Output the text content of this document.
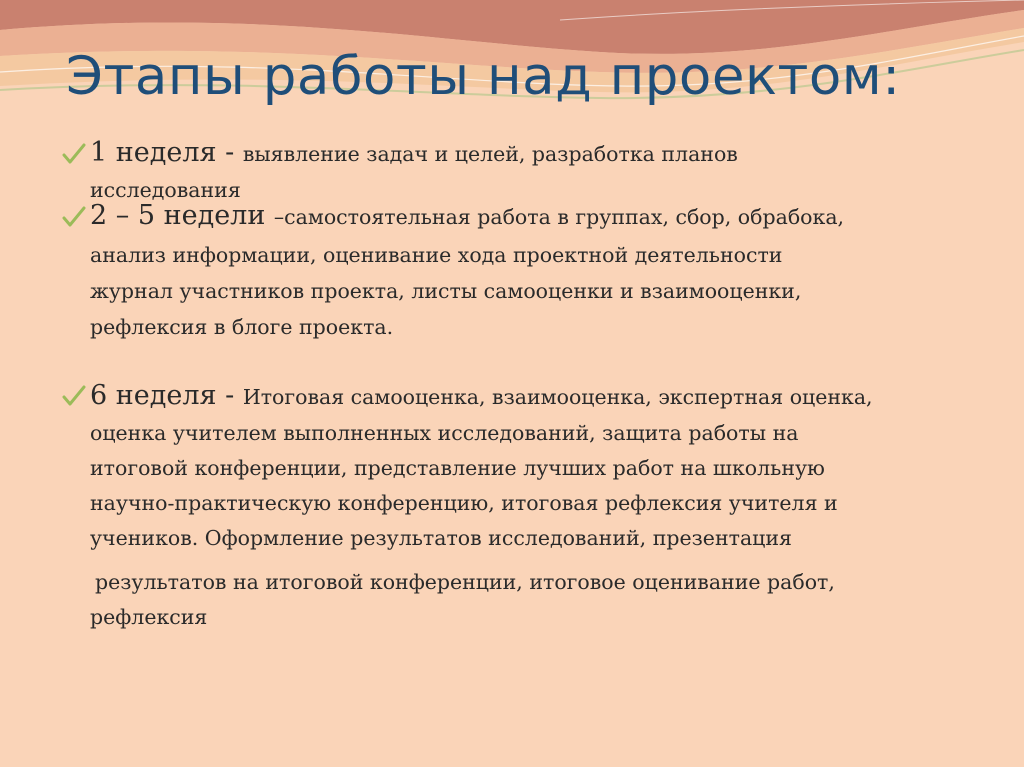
Этапы работы над проектом:
1 неделя - выявление задач и целей, разработка планов
исследования
2 – 5 недели –самостоятельная работа в группах, сбор, обрабока,
анализ информации, оценивание хода проектной деятельности
журнал участников проекта, листы самооценки и взаимооценки,
рефлексия в блоге проекта.
6 неделя - Итоговая самооценка, взаимооценка, экспертная оценка,
оценка учителем выполненных исследований, защита работы на
итоговой конференции, представление лучших работ на школьную
научно-практическую конференцию, итоговая рефлексия учителя и
учеников. Оформление результатов исследований, презентация
результатов на итоговой конференции, итоговое оценивание работ,
рефлексия
